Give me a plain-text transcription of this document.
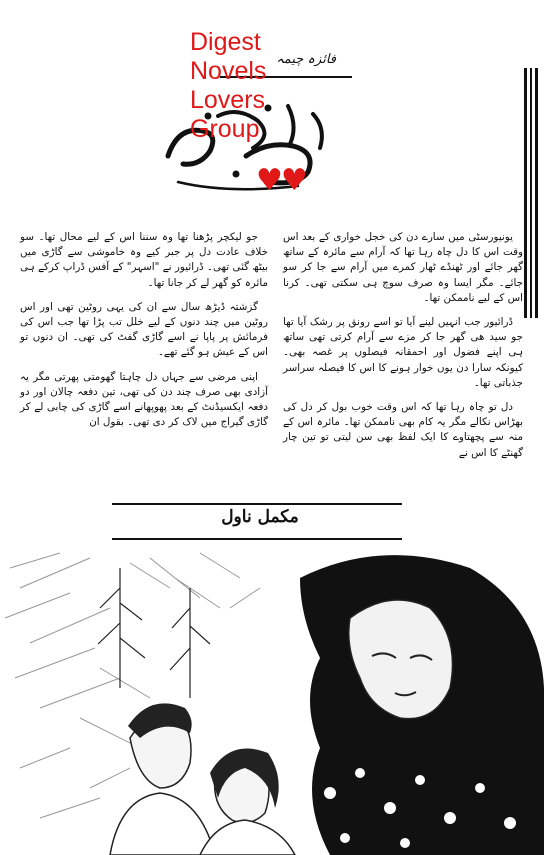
Digest
Novels
Lovers
Group
♥♥
فائزہ چیمہ

یونیورسٹی میں سارے دن کی خجل خواری کے بعد اس وقت اس کا دل چاہ رہا تھا کہ آرام سے مائرہ کے ساتھ گھر جائے اور ٹھنڈے ٹھار کمرے میں آرام سے جا کر سو جائے۔ مگر ایسا وہ صرف سوچ ہی سکتی تھی۔ کرنا اس کے لیے ناممکن تھا۔

ڈرائیور جب انہیں لینے آیا تو اسے رونق پر رشک آیا تھا جو سید ھی گھر جا کر مزے سے آرام کرتی تھی ساتھ ہی اپنے فضول اور احمقانہ فیصلوں پر غصہ بھی۔ کیونکہ سارا دن یوں خوار ہونے کا اس کا فیصلہ سراسر جذباتی تھا۔

دل تو چاہ رہا تھا کہ اس وقت خوب بول کر دل کی بھڑاس نکالے مگر یہ کام بھی ناممکن تھا۔ مائرہ اس کے منہ سے پچھتاوے کا ایک لفظ بھی سن لیتی تو تین چار گھنٹے کا اس نے

جو لیکچر پڑھنا تھا وہ سننا اس کے لیے محال تھا۔ سو خلاف عادت دل پر جبر کیے وہ خاموشی سے گاڑی میں بیٹھ گئی تھی۔ ڈرائیور نے "اسہر" کے آفس ڈراپ کرکے ہی مائرہ کو گھر لے کر جانا تھا۔

گزشتہ ڈیڑھ سال سے ان کی یہی روٹین تھی اور اس روٹین میں چند دنوں کے لیے خلل تب پڑا تھا جب اس کی فرمائش پر پاپا نے اسے گاڑی گفٹ کی تھی۔ ان دنوں تو اس کے عیش ہو گئے تھے۔

اپنی مرضی سے جہاں دل چاہتا گھومتی پھرتی مگر یہ آزادی بھی صرف چند دن کی تھی، تین دفعہ چالان اور دو دفعہ ایکسیڈنٹ کے بعد پھوپھانے اسے گاڑی کی چابی لے کر گاڑی گیراج میں لاک کر دی تھی۔ بقول ان

مکمل ناول
